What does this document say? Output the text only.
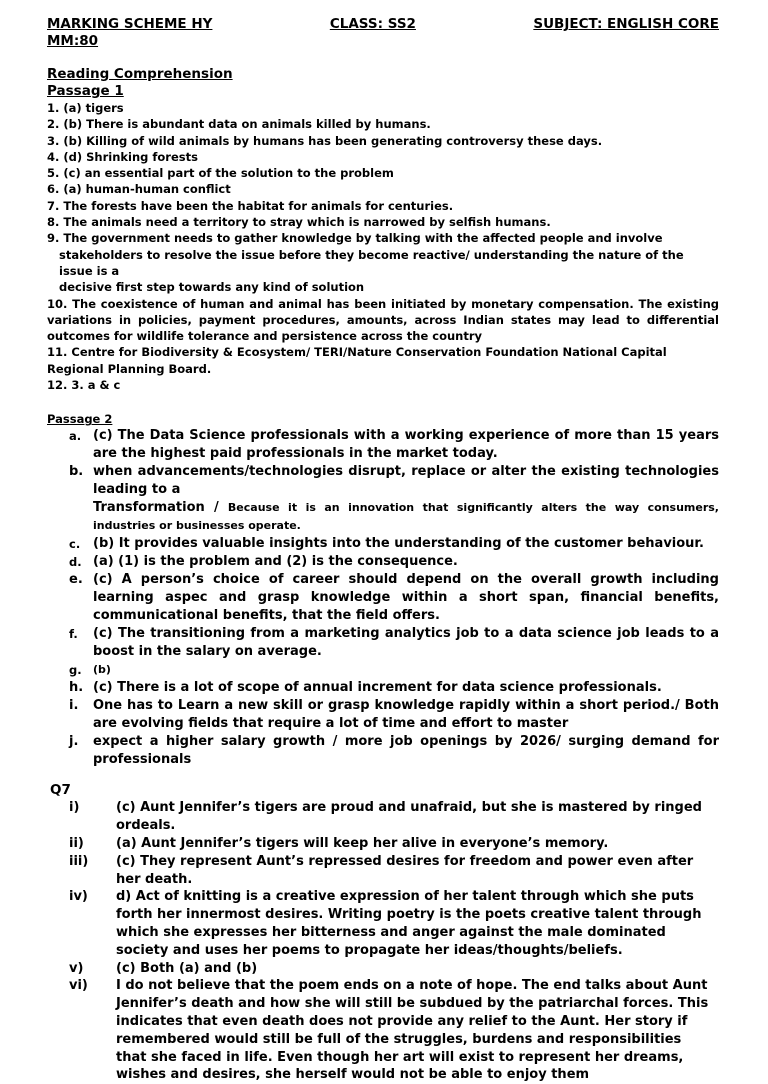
MARKING SCHEME HY	CLASS: SS2	SUBJECT: ENGLISH CORE
MM:80
Reading Comprehension
Passage 1
1. (a) tigers
2. (b) There is abundant data on animals killed by humans.
3. (b) Killing of wild animals by humans has been generating controversy these days.
4. (d) Shrinking forests
5. (c) an essential part of the solution to the problem
6. (a) human-human conflict
7. The forests have been the habitat for animals for centuries.
8. The animals need a territory to stray which is narrowed by selfish humans.
9. The government needs to gather knowledge by talking with the affected people and involve
stakeholders to resolve the issue before they become reactive/ understanding the nature of the issue is a
decisive first step towards any kind of solution
10. The coexistence of human and animal has been initiated by monetary compensation. The existing variations in policies, payment procedures, amounts, across Indian states may lead to differential outcomes for wildlife tolerance and persistence across the country
11. Centre for Biodiversity & Ecosystem/ TERI/Nature Conservation Foundation National Capital Regional Planning Board.
12. 3. a & c
Passage 2
a. (c) The Data Science professionals with a working experience of more than 15 years are the highest paid professionals in the market today.
b. when advancements/technologies disrupt, replace or alter the existing technologies leading to a
Transformation / Because it is an innovation that significantly alters the way consumers, industries or businesses operate.
c. (b) It provides valuable insights into the understanding of the customer behaviour.
d. (a) (1) is the problem and (2) is the consequence.
e. (c) A person’s choice of career should depend on the overall growth including learning aspec and grasp knowledge within a short span, financial benefits, communicational benefits, that the field offers.
f.	(c) The transitioning from a marketing analytics job to a data science job leads to a boost in the salary on average.
g.	(b)
h. (c) There is a lot of scope of annual increment for data science professionals.
i.	One has to Learn a new skill or grasp knowledge rapidly within a short period./ Both are evolving fields that require a lot of time and effort to master
j.	expect a higher salary growth / more job openings by 2026/ surging demand for professionals
Q7
i)	(c) Aunt Jennifer’s tigers are proud and unafraid, but she is mastered by ringed ordeals.
ii)	(a) Aunt Jennifer’s tigers will keep her alive in everyone’s memory.
iii)	(c) They represent Aunt’s repressed desires for freedom and power even after her death.
iv)	d) Act of knitting is a creative expression of her talent through which she puts forth her innermost desires. Writing poetry is the poets creative talent through which she expresses her bitterness and anger against the male dominated society and uses her poems to propagate her ideas/thoughts/beliefs.
v)	(c) Both (a) and (b)
vi)	I do not believe that the poem ends on a note of hope. The end talks about Aunt Jennifer’s death and how she will still be subdued by the patriarchal forces. This indicates that even death does not provide any relief to the Aunt. Her story if remembered would still be full of the struggles, burdens and responsibilities that she faced in life. Even though her art will exist to represent her dreams, wishes and desires, she herself would not be able to enjoy them
